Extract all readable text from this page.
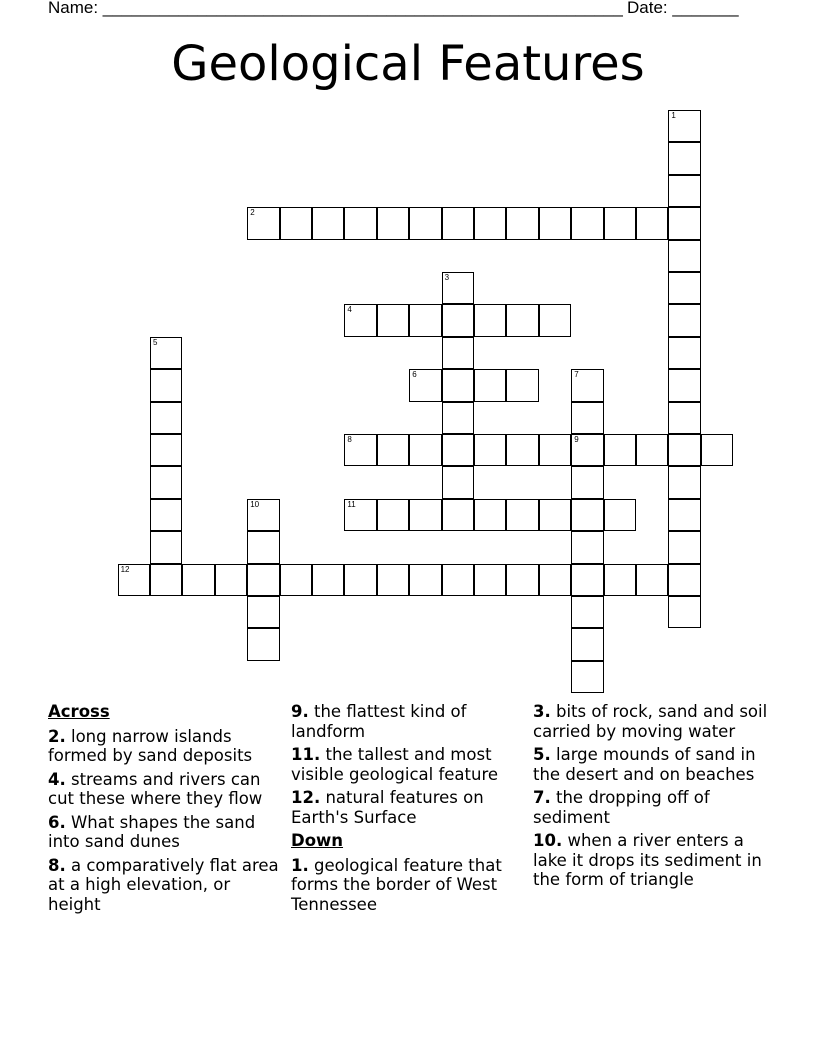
Name: _______________________________________________________ Date: _______
Geological Features
1
2
3
4
5
6	7
9
8
10	11
12
Across
2. long narrow islands formed by sand deposits
4. streams and rivers can cut these where they flow
6. What shapes the sand into sand dunes
8. a comparatively flat area at a high elevation, or height
9. the flattest kind of landform
11. the tallest and most visible geological feature
12. natural features on Earth's Surface
Down
1. geological feature that forms the border of West Tennessee
3. bits of rock, sand and soil carried by moving water
5. large mounds of sand in the desert and on beaches
7. the dropping off of sediment
10. when a river enters a lake it drops its sediment in the form of triangle
